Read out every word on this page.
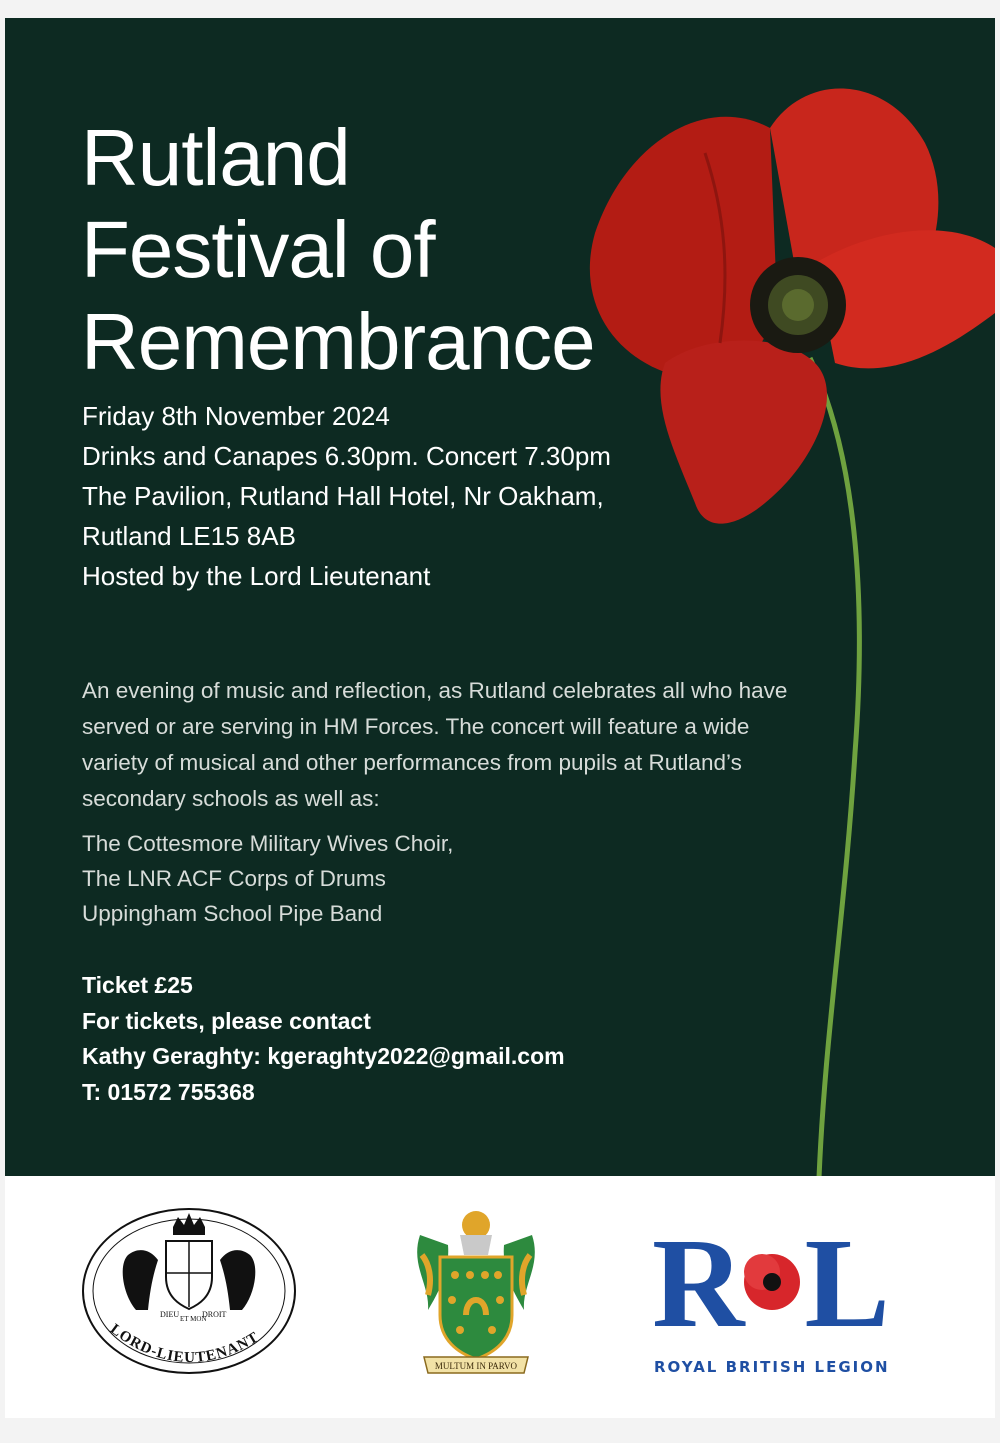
Rutland
Festival of
Remembrance
Friday 8th November 2024
Drinks and Canapes 6.30pm. Concert 7.30pm
The Pavilion, Rutland Hall Hotel, Nr Oakham,
Rutland LE15 8AB
Hosted by the Lord Lieutenant

An evening of music and reflection, as Rutland celebrates all who have served or are serving in HM Forces. The concert will feature a wide variety of musical and other performances from pupils at Rutland’s secondary schools as well as:

The Cottesmore Military Wives Choir,
The LNR ACF Corps of Drums
Uppingham School Pipe Band
Ticket £25
For tickets, please contact
Kathy Geraghty: kgeraghty2022@gmail.com
T: 01572 755368
DIEU ET MON
DROIT
LORD-LIEUTENANT
MULTUM IN PARVO
R L
ROYAL BRITISH LEGION
